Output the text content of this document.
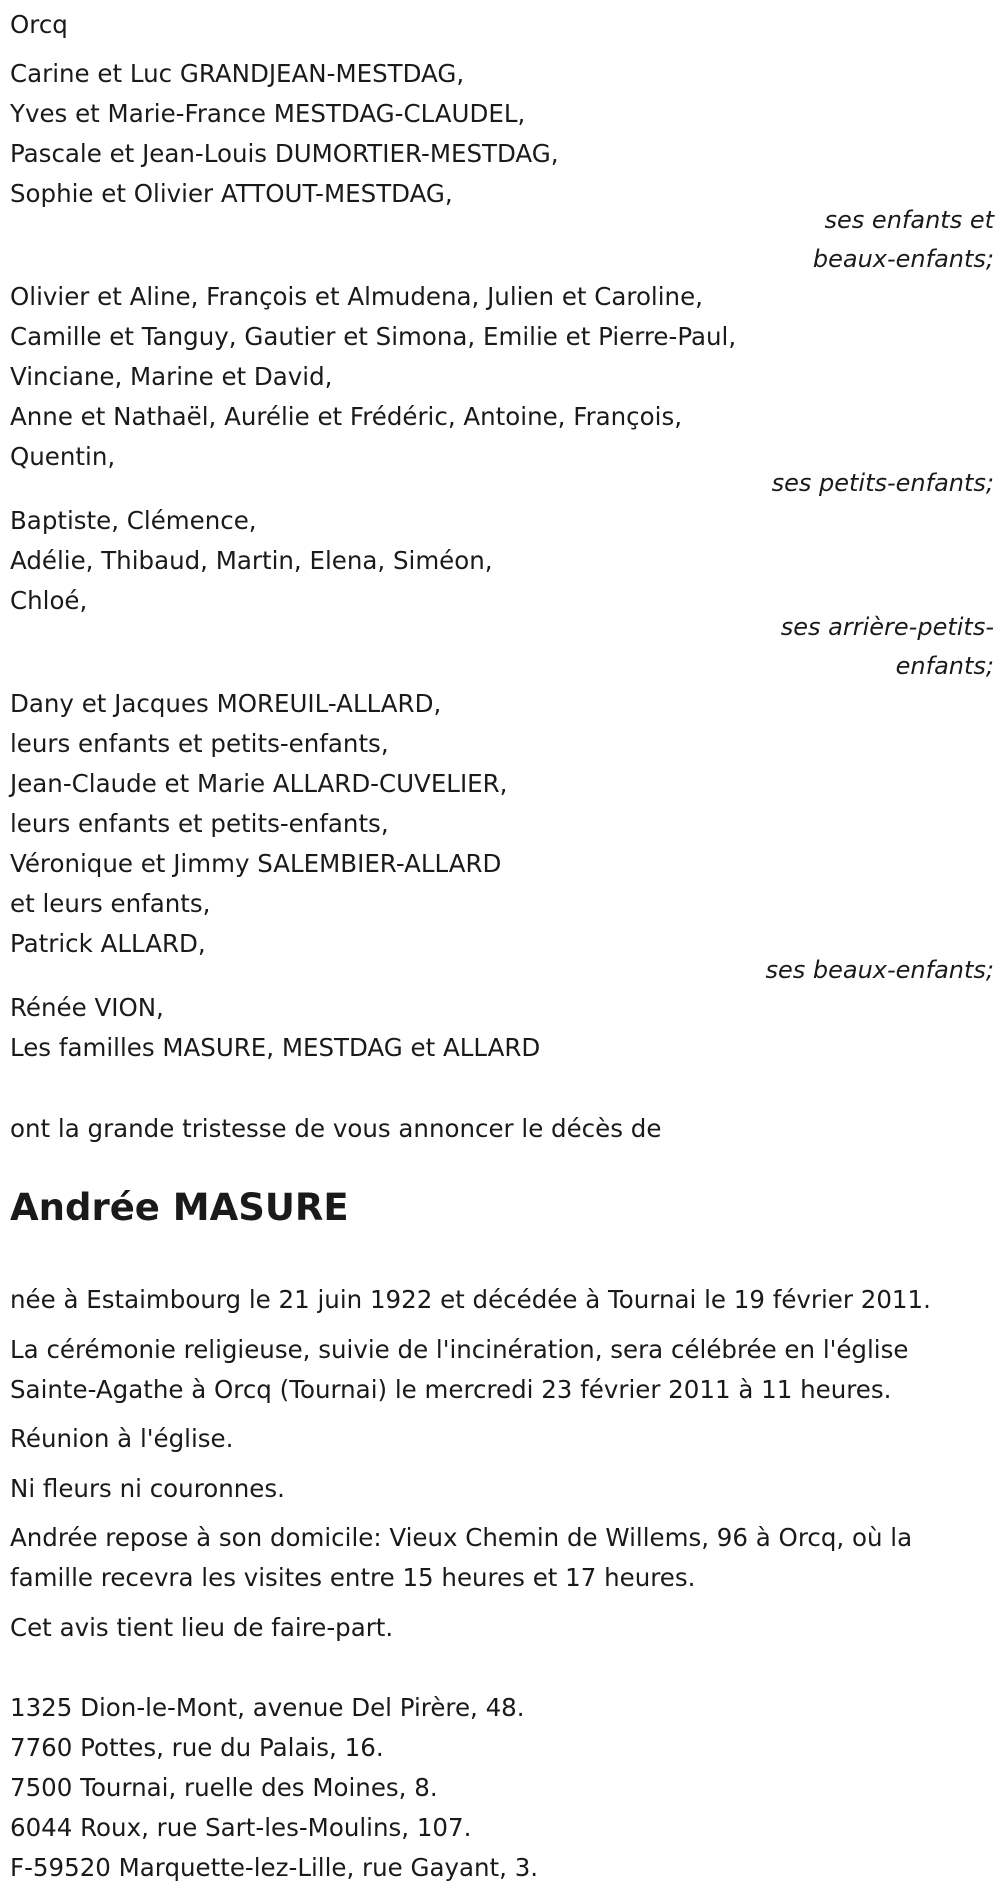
Orcq
Carine et Luc GRANDJEAN-MESTDAG,
Yves et Marie-France MESTDAG-CLAUDEL,
Pascale et Jean-Louis DUMORTIER-MESTDAG,
Sophie et Olivier ATTOUT-MESTDAG,
ses enfants et
beaux-enfants;
Olivier et Aline, François et Almudena, Julien et Caroline,
Camille et Tanguy, Gautier et Simona, Emilie et Pierre-Paul,
Vinciane, Marine et David,
Anne et Nathaël, Aurélie et Frédéric, Antoine, François,
Quentin,
ses petits-enfants;
Baptiste, Clémence,
Adélie, Thibaud, Martin, Elena, Siméon,
Chloé,
ses arrière-petits-
enfants;
Dany et Jacques MOREUIL-ALLARD,
leurs enfants et petits-enfants,
Jean-Claude et Marie ALLARD-CUVELIER,
leurs enfants et petits-enfants,
Véronique et Jimmy SALEMBIER-ALLARD
et leurs enfants,
Patrick ALLARD,
ses beaux-enfants;
Rénée VION,
Les familles MASURE, MESTDAG et ALLARD
ont la grande tristesse de vous annoncer le décès de
Andrée MASURE
née à Estaimbourg le 21 juin 1922 et décédée à Tournai le 19 février 2011.
La cérémonie religieuse, suivie de l'incinération, sera célébrée en l'église
Sainte-Agathe à Orcq (Tournai) le mercredi 23 février 2011 à 11 heures.
Réunion à l'église.
Ni fleurs ni couronnes.
Andrée repose à son domicile: Vieux Chemin de Willems, 96 à Orcq, où la
famille recevra les visites entre 15 heures et 17 heures.
Cet avis tient lieu de faire-part.
1325 Dion-le-Mont, avenue Del Pirère, 48.
7760 Pottes, rue du Palais, 16.
7500 Tournai, ruelle des Moines, 8.
6044 Roux, rue Sart-les-Moulins, 107.
F-59520 Marquette-lez-Lille, rue Gayant, 3.
